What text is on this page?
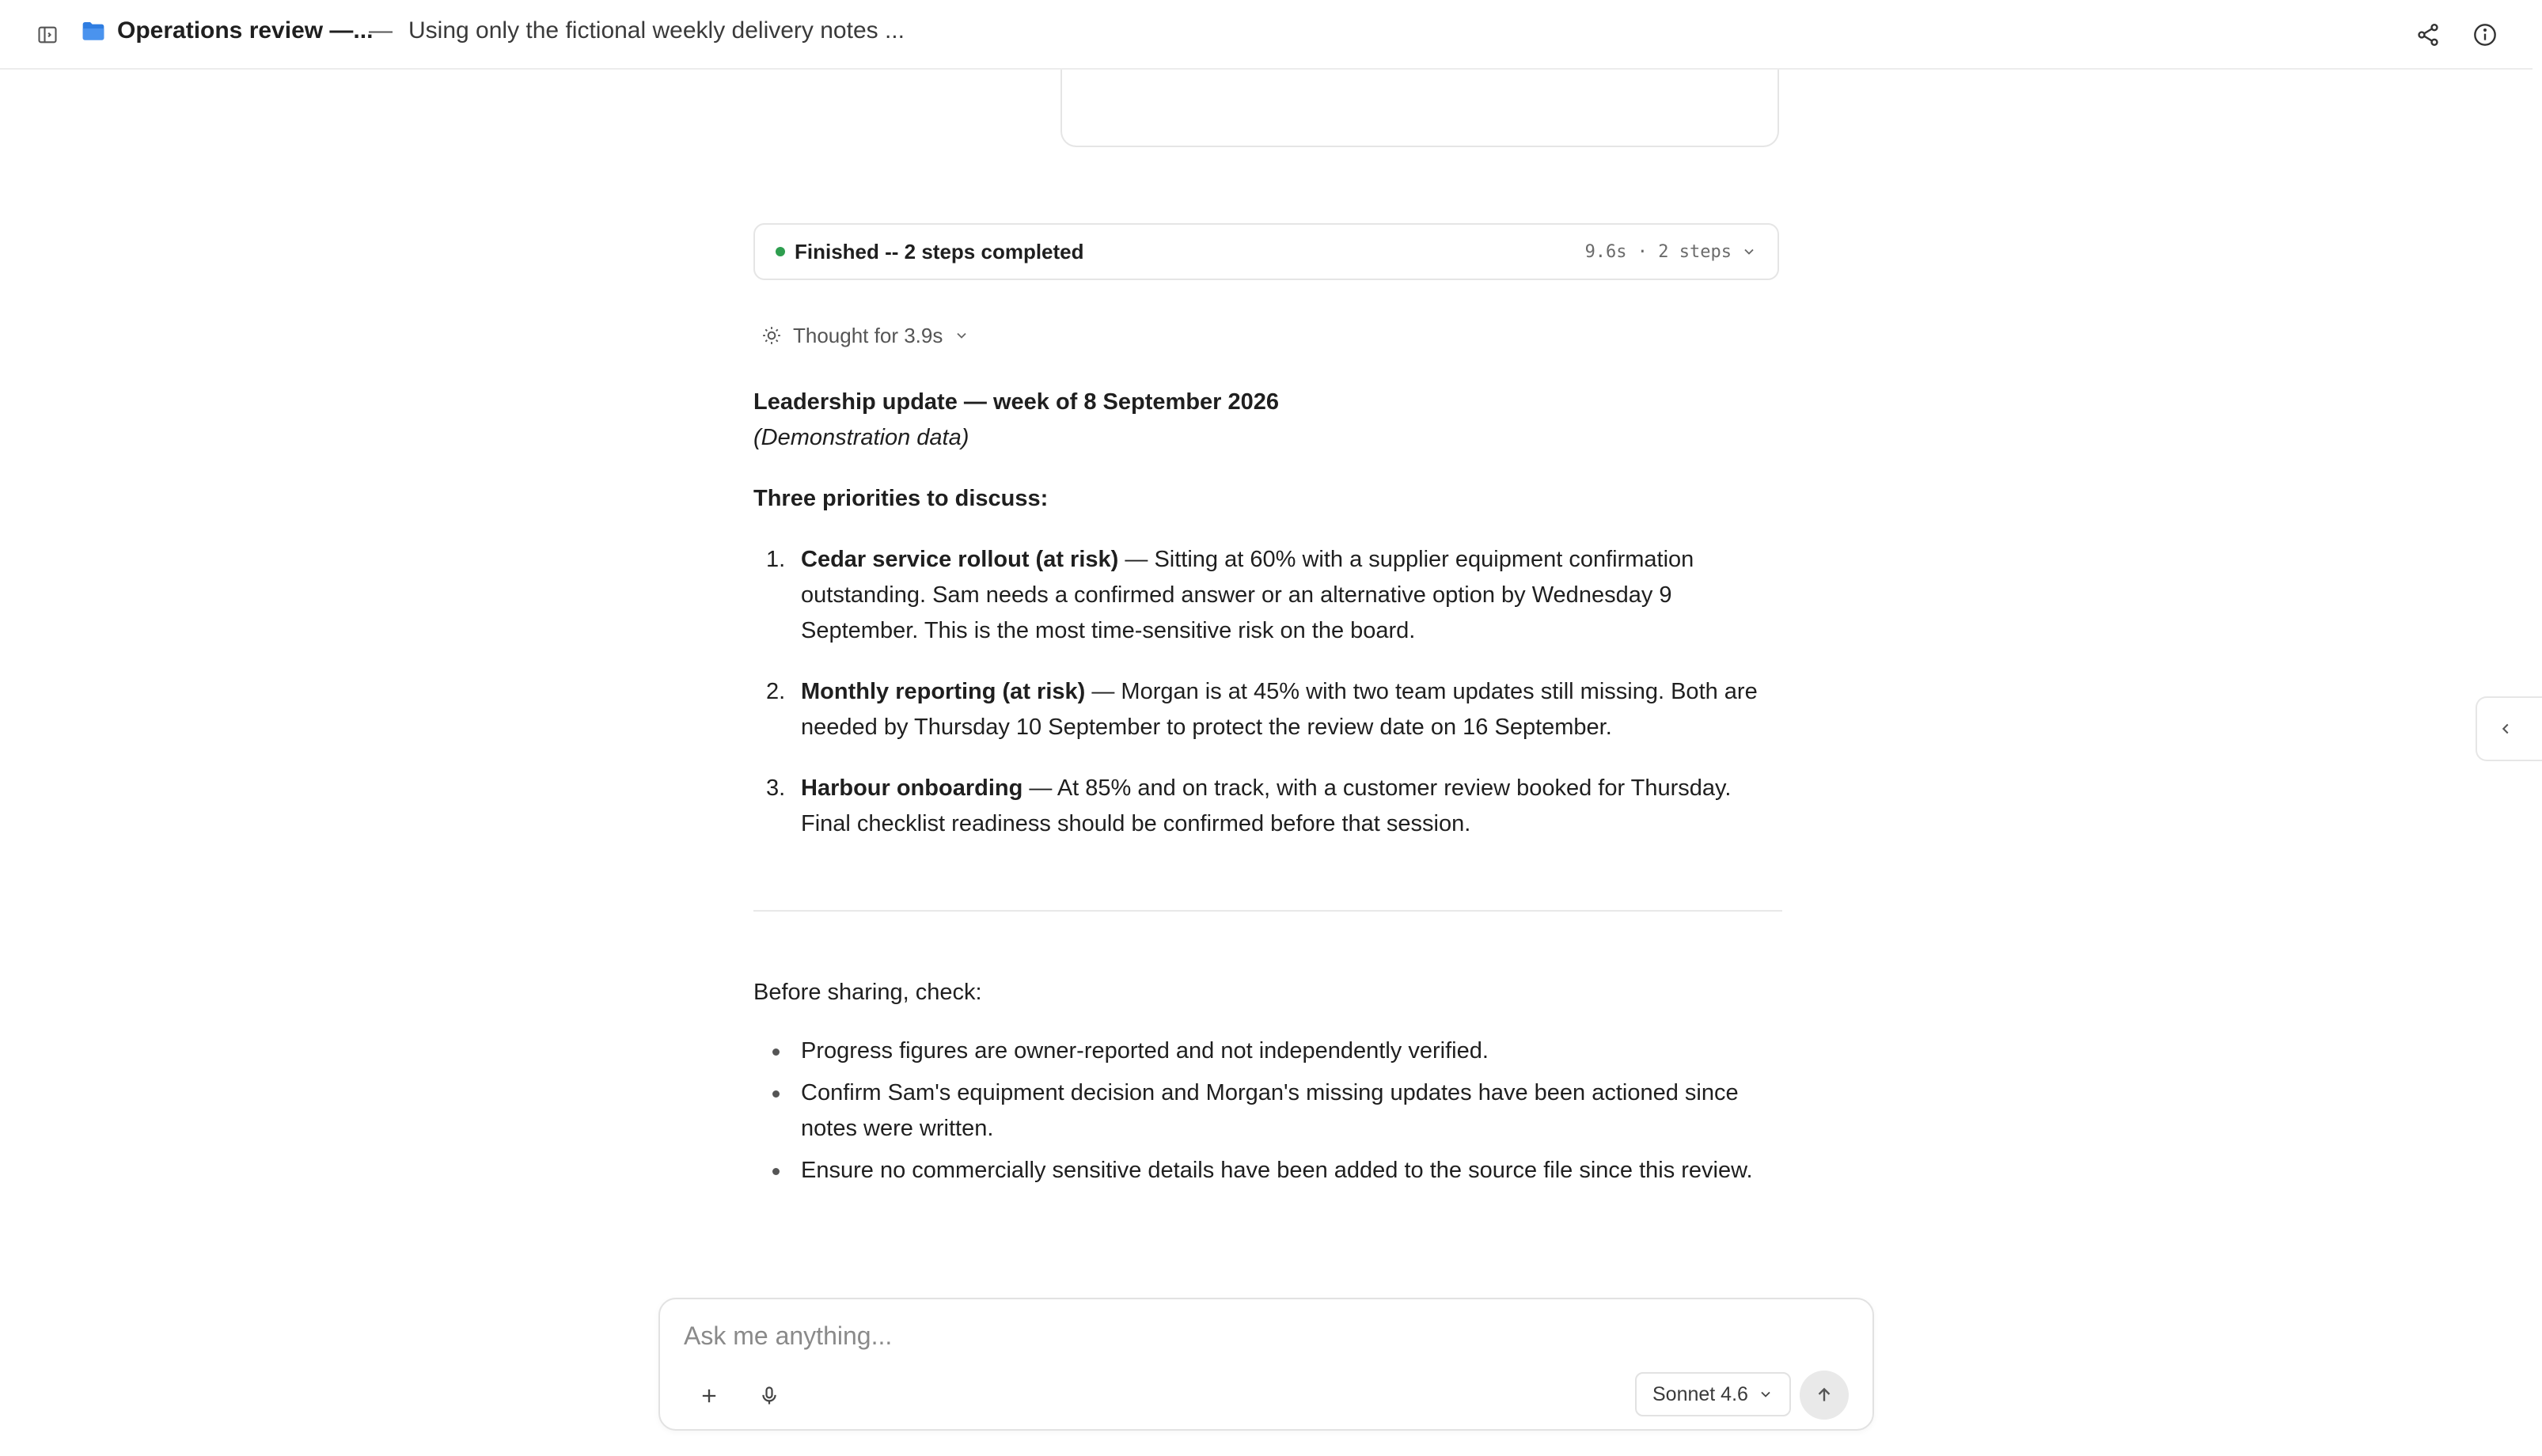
Operations review —...
— Using only the fictional weekly delivery notes ...
Finished -- 2 steps completed	9.6s · 2 steps
Thought for 3.9s

Leadership update — week of 8 September 2026

(Demonstration data)

Three priorities to discuss:

1. Cedar service rollout (at risk) — Sitting at 60% with a supplier equipment confirmation outstanding. Sam needs a confirmed answer or an alternative option by Wednesday 9 September. This is the most time-sensitive risk on the board.
2. Monthly reporting (at risk) — Morgan is at 45% with two team updates still missing. Both are needed by Thursday 10 September to protect the review date on 16 September.
3. Harbour onboarding — At 85% and on track, with a customer review booked for Thursday. Final checklist readiness should be confirmed before that session.

Before sharing, check:

Progress figures are owner-reported and not independently verified.
Confirm Sam's equipment decision and Morgan's missing updates have been actioned since notes were written.
Ensure no commercially sensitive details have been added to the source file since this review.
Ask me anything...
Sonnet 4.6
